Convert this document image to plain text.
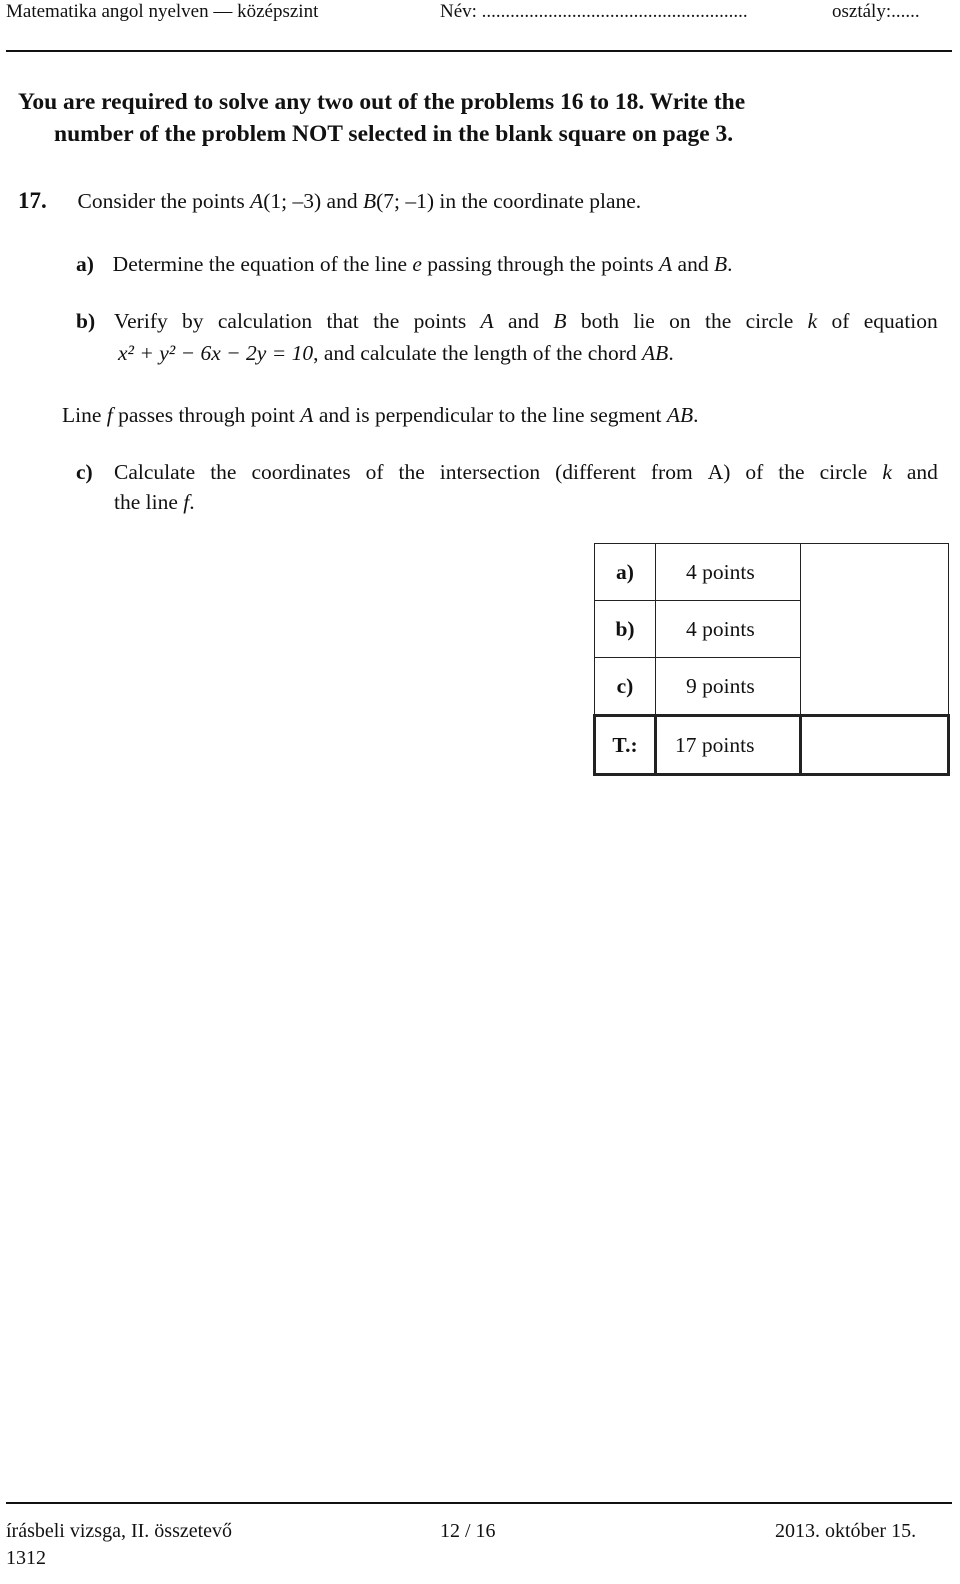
Matematika angol nyelven — középszint	Név: ........................................................	osztály:......
You are required to solve any two out of the problems 16 to 18. Write the
number of the problem NOT selected in the blank square on page 3.
17. Consider the points A(1; –3) and B(7; –1) in the coordinate plane.
a) Determine the equation of the line e passing through the points A and B.
b) Verify by calculation that the points A and B both lie on the circle k of equation
x² + y² − 6x − 2y = 10, and calculate the length of the chord AB.
Line f passes through point A and is perpendicular to the line segment AB.
c) Calculate the coordinates of the intersection (different from A) of the circle k and
the line f.
a)	4 points	
b)	4 points	
c)	9 points	
T.:	17 points	
írásbeli vizsga, II. összetevő
1312
12 / 16	2013. október 15.
